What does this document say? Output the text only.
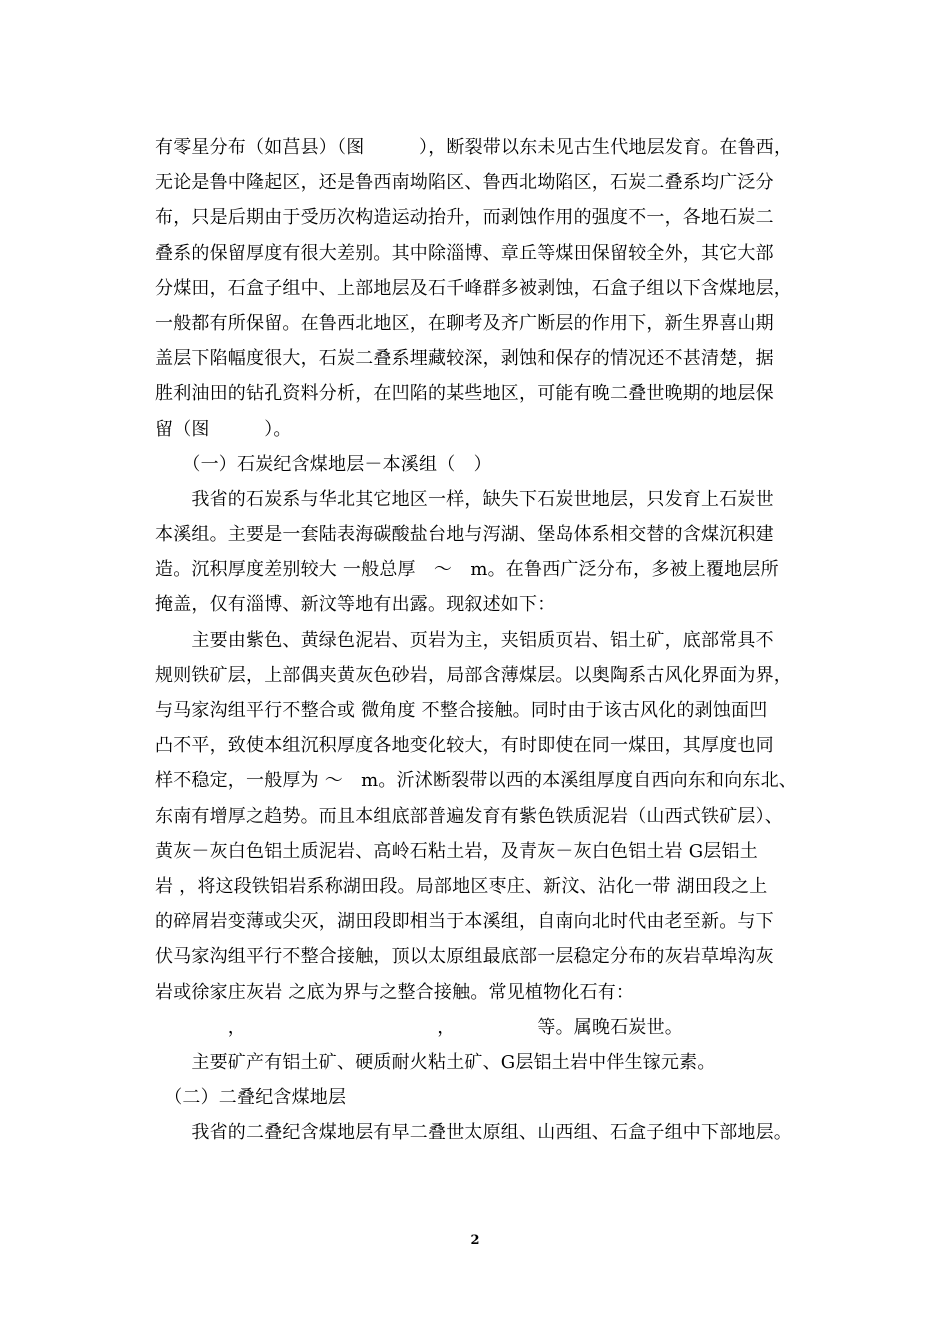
有零星分布（如莒县）（图　　　），断裂带以东未见古生代地层发育。在鲁西，
无论是鲁中隆起区，还是鲁西南坳陷区、鲁西北坳陷区，石炭二叠系均广泛分
布，只是后期由于受历次构造运动抬升，而剥蚀作用的强度不一，各地石炭二
叠系的保留厚度有很大差别。其中除淄博、章丘等煤田保留较全外，其它大部
分煤田，石盒子组中、上部地层及石千峰群多被剥蚀，石盒子组以下含煤地层，
一般都有所保留。在鲁西北地区，在聊考及齐广断层的作用下，新生界喜山期
盖层下陷幅度很大，石炭二叠系埋藏较深，剥蚀和保存的情况还不甚清楚，据
胜利油田的钻孔资料分析，在凹陷的某些地区，可能有晚二叠世晚期的地层保
留（图　　　）。
　　（一）石炭纪含煤地层－本溪组（　）
　　我省的石炭系与华北其它地区一样，缺失下石炭世地层，只发育上石炭世
本溪组。主要是一套陆表海碳酸盐台地与泻湖、堡岛体系相交替的含煤沉积建
造。沉积厚度差别较大 一般总厚　～　m。在鲁西广泛分布，多被上覆地层所
掩盖，仅有淄博、新汶等地有出露。现叙述如下：
　　主要由紫色、黄绿色泥岩、页岩为主，夹铝质页岩、铝土矿，底部常具不
规则铁矿层，上部偶夹黄灰色砂岩，局部含薄煤层。以奥陶系古风化界面为界，
与马家沟组平行不整合或 微角度 不整合接触。同时由于该古风化的剥蚀面凹
凸不平，致使本组沉积厚度各地变化较大，有时即使在同一煤田，其厚度也同
样不稳定，一般厚为 ～　m。沂沭断裂带以西的本溪组厚度自西向东和向东北、
东南有增厚之趋势。而且本组底部普遍发育有紫色铁质泥岩（山西式铁矿层）、
黄灰－灰白色铝土质泥岩、高岭石粘土岩，及青灰－灰白色铝土岩 G层铝土
岩 ，将这段铁铝岩系称湖田段。局部地区枣庄、新汶、沾化一带 湖田段之上
的碎屑岩变薄或尖灭，湖田段即相当于本溪组，自南向北时代由老至新。与下
伏马家沟组平行不整合接触，顶以太原组最底部一层稳定分布的灰岩草埠沟灰
岩或徐家庄灰岩 之底为界与之整合接触。常见植物化石有：
　　　　，　　　　　　　　　　　，　　　　　等。属晚石炭世。
　　主要矿产有铝土矿、硬质耐火粘土矿、G层铝土岩中伴生镓元素。
　（二）二叠纪含煤地层
　　我省的二叠纪含煤地层有早二叠世太原组、山西组、石盒子组中下部地层。
2
